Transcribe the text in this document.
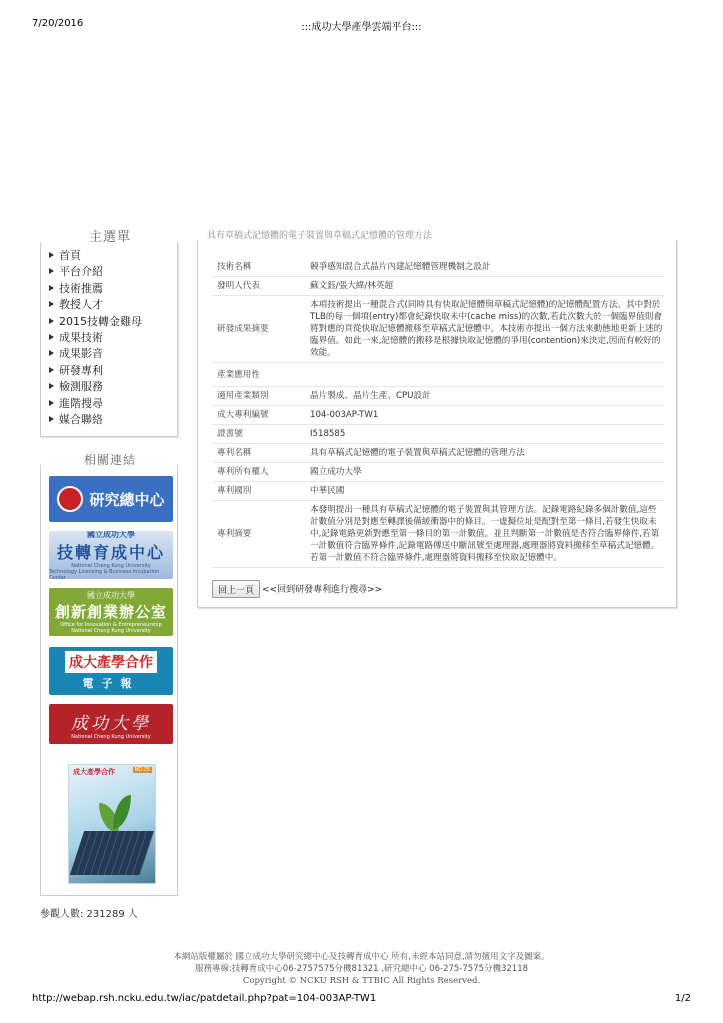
7/20/2016	:::成功大學產學雲端平台:::
主選單
首頁
平台介紹
技術推薦
教授人才
2015技轉金雞母
成果技術
成果影音
研發專利
檢測服務
進階搜尋
媒合聯絡
相關連結
研究總中心
國立成功大學
技轉育成中心
National Cheng Kung University
Technology Licensing & Business Incubation Center
國立成功大學
創新創業辦公室
Office for Innovation & Entrepreneurship
National Cheng Kung University
成大產學合作
電子報
成功大學
National Cheng Kung University
成大產學合作	NO.25
參觀人數: 231289 人
具有草稿式記憶體的電子裝置與草稿式記憶體的管理方法
技術名稱	競爭感知混合式晶片內建記憶體管理機制之設計
發明人代表	蘇文鈺/張大緯/林英超
研發成果摘要	本項技術提出一種混合式(同時具有快取記憶體與草稿式記憶體)的記憶體配置方法。其中對於TLB的每一個項(entry)都會紀錄快取未中(cache miss)的次數,若此次數大於一個臨界值則會將對應的頁從快取記憶體搬移至草稿式記憶體中。本技術亦提出一個方法來動態地更新上述的臨界值。如此一來,記憶體的搬移是根據快取記憶體的爭用(contention)來決定,因而有較好的效能。
產業應用性	
適用產業類別	晶片製成、晶片生產、CPU設計
成大專利編號	104-003AP-TW1
證書號	I518585
專利名稱	具有草稿式記憶體的電子裝置與草稿式記憶體的管理方法
專利所有權人	國立成功大學
專利國別	中華民國
專利摘要	本發明提出一種具有草稿式記憶體的電子裝置與其管理方法。記錄電路紀錄多個計數值,這些計數值分別是對應至轉譯後備緩衝器中的條目。一虛擬位址是配對至第一條目,若發生快取未中,記錄電路更新對應至第一條目的第一計數值。並且判斷第一計數值是否符合臨界條件,若第一計數值符合臨界條件,記錄電路傳送中斷訊號至處理器,處理器將資料搬移至草稿式記憶體。若第一計數值不符合臨界條件,處理器將資料搬移至快取記憶體中。
回上一頁 <<回到研發專利進行搜尋>>
本網站版權屬於 國立成功大學研究總中心及技轉育成中心 所有,未經本站同意,請勿擅用文字及圖案。
服務專線:技轉育成中心06-2757575分機81321 ,研究總中心 06-275-7575分機32118
Copyright © NCKU RSH & TTBIC All Rights Reserved.
http://webap.rsh.ncku.edu.tw/iac/patdetail.php?pat=104-003AP-TW1	1/2
